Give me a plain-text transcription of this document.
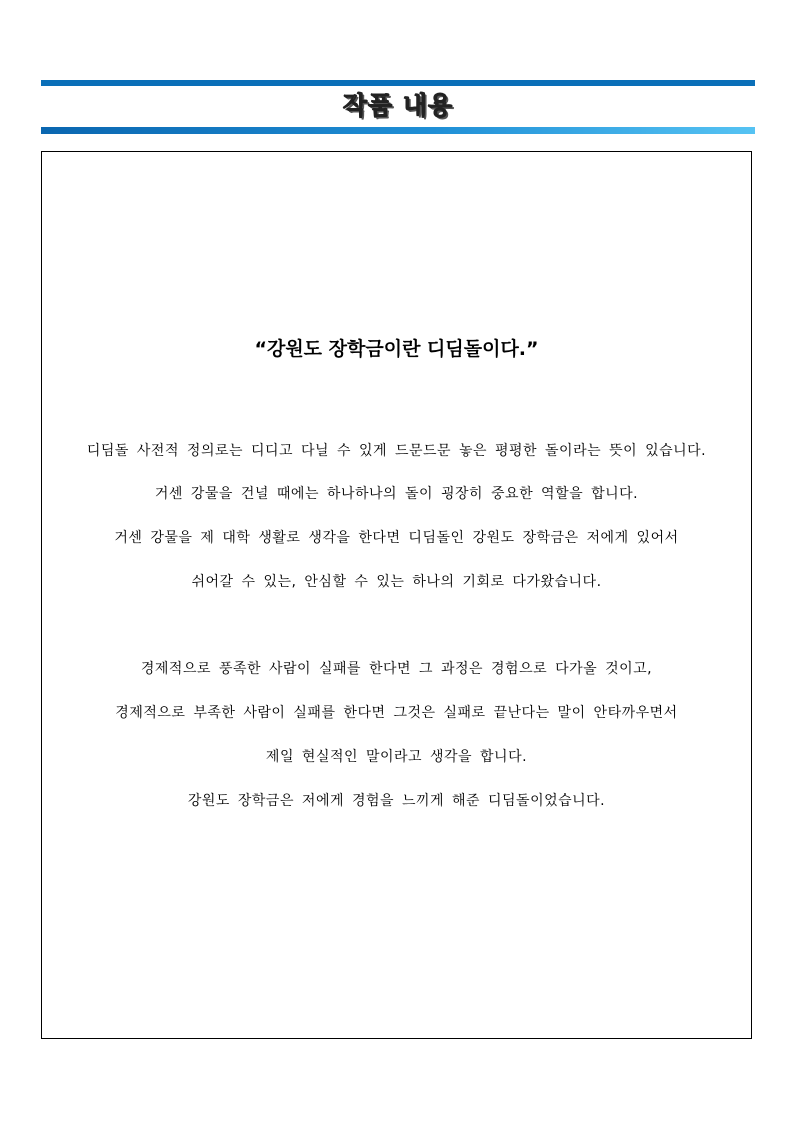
작품 내용
“강원도 장학금이란 디딤돌이다.”

디딤돌 사전적 정의로는 디디고 다닐 수 있게 드문드문 놓은 평평한 돌이라는 뜻이 있습니다.

거센 강물을 건널 때에는 하나하나의 돌이 굉장히 중요한 역할을 합니다.

거센 강물을 제 대학 생활로 생각을 한다면 디딤돌인 강원도 장학금은 저에게 있어서

쉬어갈 수 있는, 안심할 수 있는 하나의 기회로 다가왔습니다.

경제적으로 풍족한 사람이 실패를 한다면 그 과정은 경험으로 다가올 것이고,

경제적으로 부족한 사람이 실패를 한다면 그것은 실패로 끝난다는 말이 안타까우면서

제일 현실적인 말이라고 생각을 합니다.

강원도 장학금은 저에게 경험을 느끼게 해준 디딤돌이었습니다.
